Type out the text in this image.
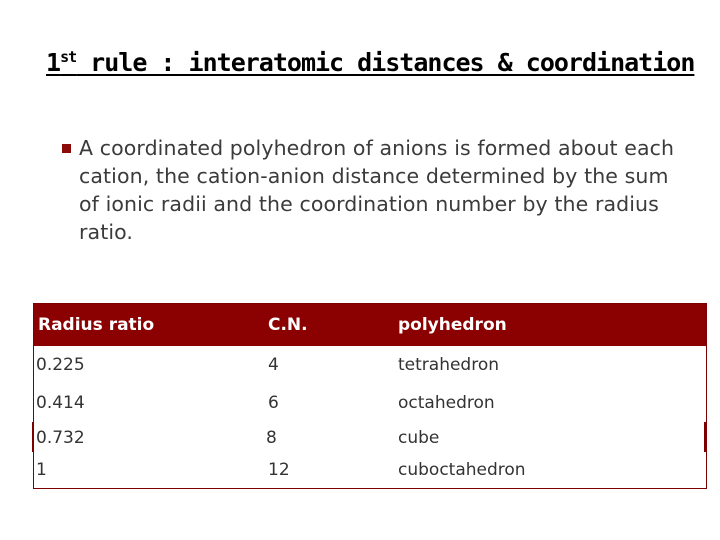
1st rule : interatomic distances & coordination
A coordinated polyhedron of anions is formed about each cation, the cation-anion distance determined by the sum of ionic radii and the coordination number by the radius ratio.
Radius ratio	C.N.	polyhedron
0.225	4	tetrahedron
0.414	6	octahedron
0.732	8	cube
1	12	cuboctahedron
